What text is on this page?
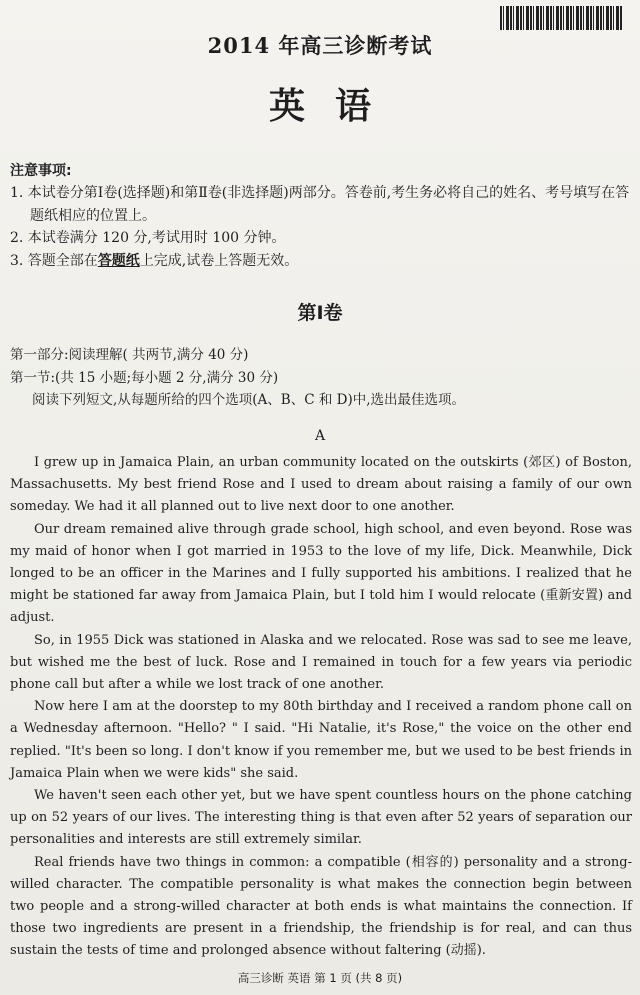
2014 年高三诊断考试
英语
注意事项:
1. 本试卷分第Ⅰ卷(选择题)和第Ⅱ卷(非选择题)两部分。答卷前,考生务必将自己的姓名、考号填写在答题纸相应的位置上。
2. 本试卷满分 120 分,考试用时 100 分钟。
3. 答题全部在答题纸上完成,试卷上答题无效。
第Ⅰ卷
第一部分:阅读理解( 共两节,满分 40 分)
第一节:(共 15 小题;每小题 2 分,满分 30 分)
阅读下列短文,从每题所给的四个选项(A、B、C 和 D)中,选出最佳选项。
A

I grew up in Jamaica Plain, an urban community located on the outskirts (郊区) of Boston, Massachusetts. My best friend Rose and I used to dream about raising a family of our own someday. We had it all planned out to live next door to one another.

Our dream remained alive through grade school, high school, and even beyond. Rose was my maid of honor when I got married in 1953 to the love of my life, Dick. Meanwhile, Dick longed to be an officer in the Marines and I fully supported his ambitions. I realized that he might be stationed far away from Jamaica Plain, but I told him I would relocate (重新安置) and adjust.

So, in 1955 Dick was stationed in Alaska and we relocated. Rose was sad to see me leave, but wished me the best of luck. Rose and I remained in touch for a few years via periodic phone call but after a while we lost track of one another.

Now here I am at the doorstep to my 80th birthday and I received a random phone call on a Wednesday afternoon. "Hello? " I said. "Hi Natalie, it's Rose," the voice on the other end replied. "It's been so long. I don't know if you remember me, but we used to be best friends in Jamaica Plain when we were kids" she said.

We haven't seen each other yet, but we have spent countless hours on the phone catching up on 52 years of our lives. The interesting thing is that even after 52 years of separation our personalities and interests are still extremely similar.

Real friends have two things in common: a compatible (相容的) personality and a strong-willed character. The compatible personality is what makes the connection begin between two people and a strong-willed character at both ends is what maintains the connection. If those two ingredients are present in a friendship, the friendship is for real, and can thus sustain the tests of time and prolonged absence without faltering (动摇).

高三诊断 英语 第 1 页 (共 8 页)
